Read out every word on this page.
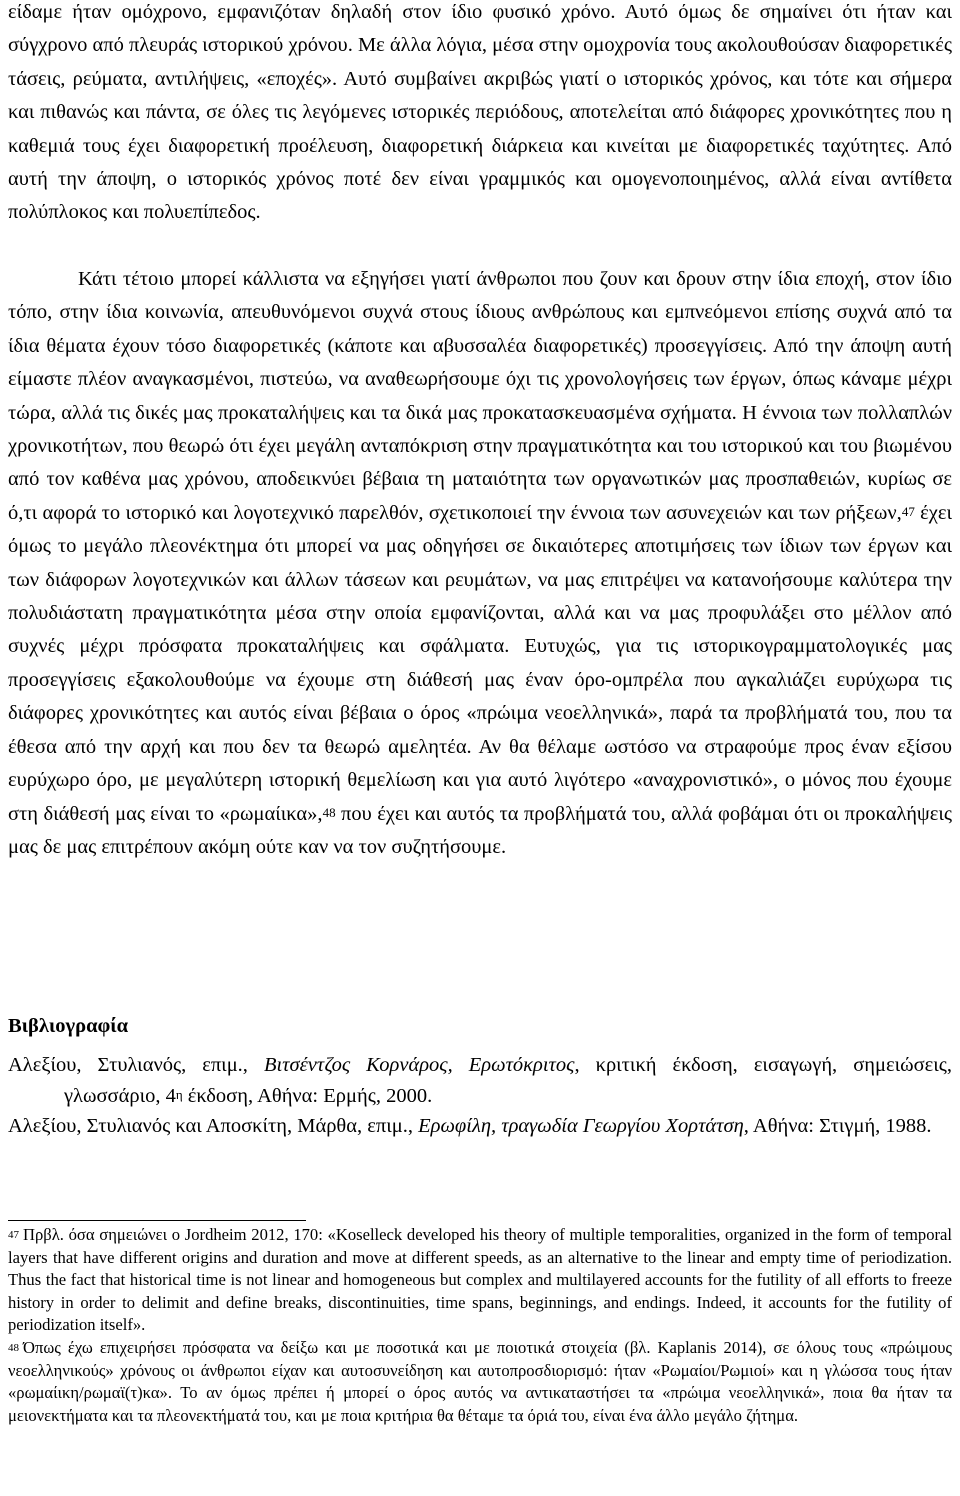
είδαμε ήταν ομόχρονο, εμφανιζόταν δηλαδή στον ίδιο φυσικό χρόνο. Αυτό όμως δε σημαίνει ότι ήταν και σύγχρονο από πλευράς ιστορικού χρόνου. Με άλλα λόγια, μέσα στην ομοχρονία τους ακολουθούσαν διαφορετικές τάσεις, ρεύματα, αντιλήψεις, «εποχές». Αυτό συμβαίνει ακριβώς γιατί ο ιστορικός χρόνος, και τότε και σήμερα και πιθανώς και πάντα, σε όλες τις λεγόμενες ιστορικές περιόδους, αποτελείται από διάφορες χρονικότητες που η καθεμιά τους έχει διαφορετική προέλευση, διαφορετική διάρκεια και κινείται με διαφορετικές ταχύτητες. Από αυτή την άποψη, ο ιστορικός χρόνος ποτέ δεν είναι γραμμικός και ομογενοποιημένος, αλλά είναι αντίθετα πολύπλοκος και πολυεπίπεδος.

Κάτι τέτοιο μπορεί κάλλιστα να εξηγήσει γιατί άνθρωποι που ζουν και δρουν στην ίδια εποχή, στον ίδιο τόπο, στην ίδια κοινωνία, απευθυνόμενοι συχνά στους ίδιους ανθρώπους και εμπνεόμενοι επίσης συχνά από τα ίδια θέματα έχουν τόσο διαφορετικές (κάποτε και αβυσσαλέα διαφορετικές) προσεγγίσεις. Από την άποψη αυτή είμαστε πλέον αναγκασμένοι, πιστεύω, να αναθεωρήσουμε όχι τις χρονολογήσεις των έργων, όπως κάναμε μέχρι τώρα, αλλά τις δικές μας προκαταλήψεις και τα δικά μας προκατασκευασμένα σχήματα. Η έννοια των πολλαπλών χρονικοτήτων, που θεωρώ ότι έχει μεγάλη ανταπόκριση στην πραγματικότητα και του ιστορικού και του βιωμένου από τον καθένα μας χρόνου, αποδεικνύει βέβαια τη ματαιότητα των οργανωτικών μας προσπαθειών, κυρίως σε ό,τι αφορά το ιστορικό και λογοτεχνικό παρελθόν, σχετικοποιεί την έννοια των ασυνεχειών και των ρήξεων,$^{47}$ έχει όμως το μεγάλο πλεονέκτημα ότι μπορεί να μας οδηγήσει σε δικαιότερες αποτιμήσεις των ίδιων των έργων και των διάφορων λογοτεχνικών και άλλων τάσεων και ρευμάτων, να μας επιτρέψει να κατανοήσουμε καλύτερα την πολυδιάστατη πραγματικότητα μέσα στην οποία εμφανίζονται, αλλά και να μας προφυλάξει στο μέλλον από συχνές μέχρι πρόσφατα προκαταλήψεις και σφάλματα. Ευτυχώς, για τις ιστορικογραμματολογικές μας προσεγγίσεις εξακολουθούμε να έχουμε στη διάθεσή μας έναν όρο-ομπρέλα που αγκαλιάζει ευρύχωρα τις διάφορες χρονικότητες και αυτός είναι βέβαια ο όρος «πρώιμα νεοελληνικά», παρά τα προβλήματά του, που τα έθεσα από την αρχή και που δεν τα θεωρώ αμελητέα. Αν θα θέλαμε ωστόσο να στραφούμε προς έναν εξίσου ευρύχωρο όρο, με μεγαλύτερη ιστορική θεμελίωση και για αυτό λιγότερο «αναχρονιστικό», ο μόνος που έχουμε στη διάθεσή μας είναι το «ρωμαίικα»,$^{48}$ που έχει και αυτός τα προβλήματά του, αλλά φοβάμαι ότι οι προκαλήψεις μας δε μας επιτρέπουν ακόμη ούτε καν να τον συζητήσουμε.

Βιβλιογραφία
Αλεξίου, Στυλιανός, επιμ., Βιτσέντζος Κορνάρος, Ερωτόκριτος, κριτική έκδοση, εισαγωγή, σημειώσεις, γλωσσάριο, $4^\eta$ έκδοση, Αθήνα: Ερμής, 2000.
Αλεξίου, Στυλιανός και Αποσκίτη, Μάρθα, επιμ., Ερωφίλη, τραγωδία Γεωργίου Χορτάτση, Αθήνα: Στιγμή, 1988.
$^{47}$ Πρβλ. όσα σημειώνει ο Jordheim 2012, 170: «Koselleck developed his theory of multiple temporalities, organized in the form of temporal layers that have different origins and duration and move at different speeds, as an alternative to the linear and empty time of periodization. Thus the fact that historical time is not linear and homogeneous but complex and multilayered accounts for the futility of all efforts to freeze history in order to delimit and define breaks, discontinuities, time spans, beginnings, and endings. Indeed, it accounts for the futility of periodization itself».
$^{48}$ Όπως έχω επιχειρήσει πρόσφατα να δείξω και με ποσοτικά και με ποιοτικά στοιχεία (βλ. Kaplanis 2014), σε όλους τους «πρώιμους νεοελληνικούς» χρόνους οι άνθρωποι είχαν και αυτοσυνείδηση και αυτοπροσδιορισμό: ήταν «Ρωμαίοι/Ρωμιοί» και η γλώσσα τους ήταν «ρωμαίικη/ρωμαϊ(τ)κα». Το αν όμως πρέπει ή μπορεί ο όρος αυτός να αντικαταστήσει τα «πρώιμα νεοελληνικά», ποια θα ήταν τα μειονεκτήματα και τα πλεονεκτήματά του, και με ποια κριτήρια θα θέταμε τα όριά του, είναι ένα άλλο μεγάλο ζήτημα.
